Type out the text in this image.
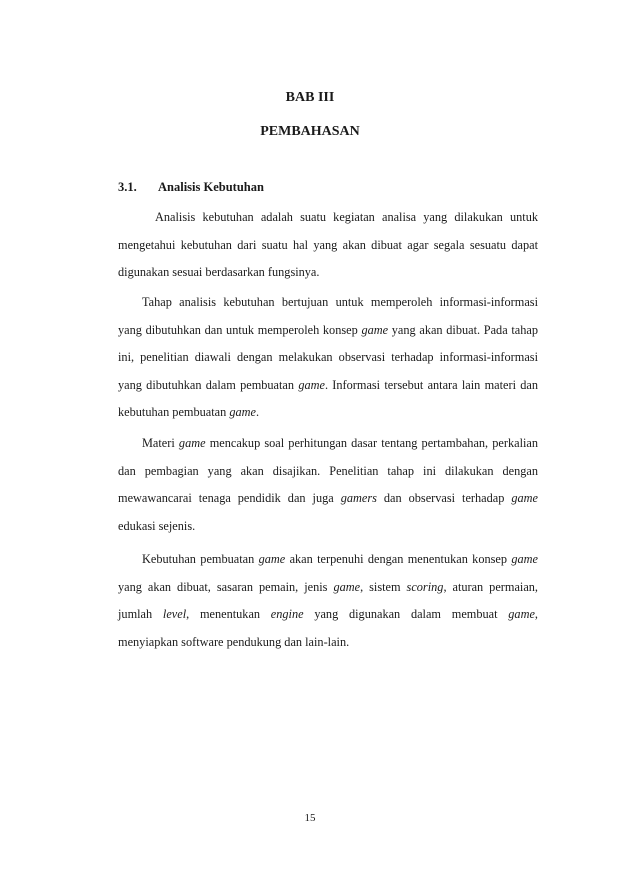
BAB III
PEMBAHASAN
3.1. Analisis Kebutuhan

Analisis kebutuhan adalah suatu kegiatan analisa yang dilakukan untuk mengetahui kebutuhan dari suatu hal yang akan dibuat agar segala sesuatu dapat digunakan sesuai berdasarkan fungsinya.

Tahap analisis kebutuhan bertujuan untuk memperoleh informasi-informasi yang dibutuhkan dan untuk memperoleh konsep game yang akan dibuat. Pada tahap ini, penelitian diawali dengan melakukan observasi terhadap informasi-informasi yang dibutuhkan dalam pembuatan game. Informasi tersebut antara lain materi dan kebutuhan pembuatan game.

Materi game mencakup soal perhitungan dasar tentang pertambahan, perkalian dan pembagian yang akan disajikan. Penelitian tahap ini dilakukan dengan mewawancarai tenaga pendidik dan juga gamers dan observasi terhadap game edukasi sejenis.

Kebutuhan pembuatan game akan terpenuhi dengan menentukan konsep game yang akan dibuat, sasaran pemain, jenis game, sistem scoring, aturan permaian, jumlah level, menentukan engine yang digunakan dalam membuat game, menyiapkan software pendukung dan lain-lain.

15
